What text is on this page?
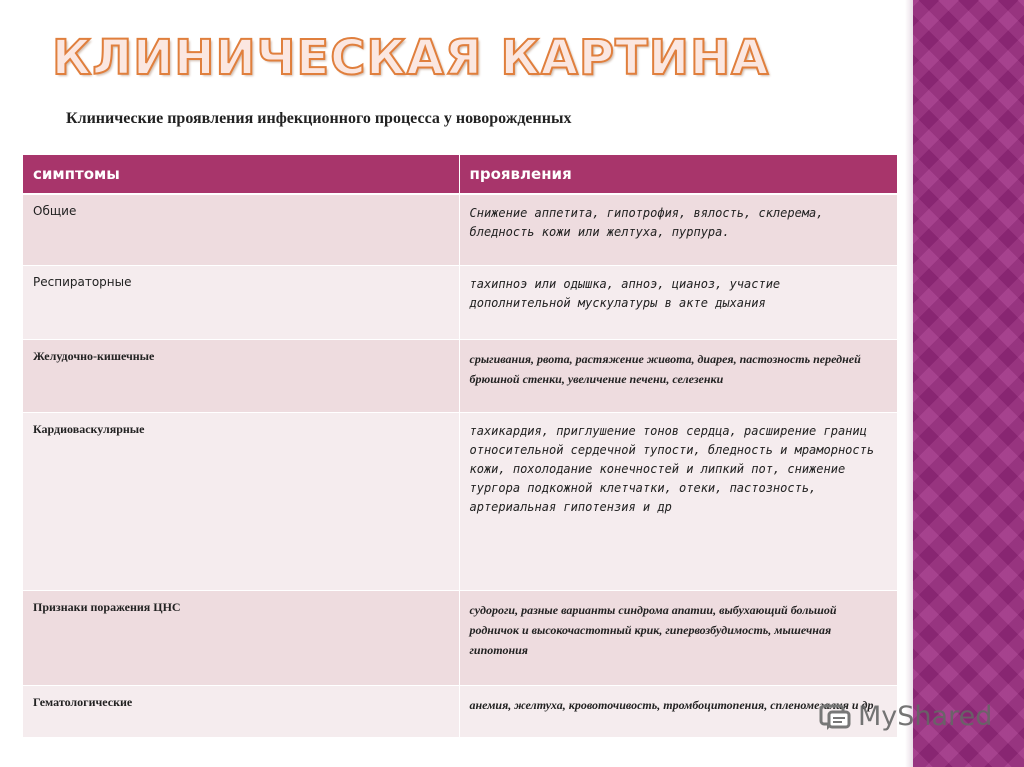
КЛИНИЧЕСКАЯ КАРТИНА
Клинические проявления инфекционного процесса у новорожденных
симптомы	проявления
Общие	Снижение аппетита, гипотрофия, вялость, склерема, бледность кожи или желтуха, пурпура.
Респираторные	тахипноэ или одышка, апноэ, цианоз, участие дополнительной мускулатуры в акте дыхания
Желудочно-кишечные	срыгивания, рвота, растяжение живота, диарея, пастозность передней брюшной стенки, увеличение печени, селезенки
Кардиоваскулярные	тахикардия, приглушение тонов сердца, расширение границ относительной сердечной тупости, бледность и мраморность кожи, похолодание конечностей и липкий пот, снижение тургора подкожной клетчатки, отеки, пастозность, артериальная гипотензия и др
Признаки поражения ЦНС	судороги, разные варианты синдрома апатии, выбухающий большой родничок и высокочастотный крик, гипервозбудимость, мышечная гипотония
Гематологические	анемия, желтуха, кровоточивость, тромбоцитопения, спленомегалия и др
MyShared
